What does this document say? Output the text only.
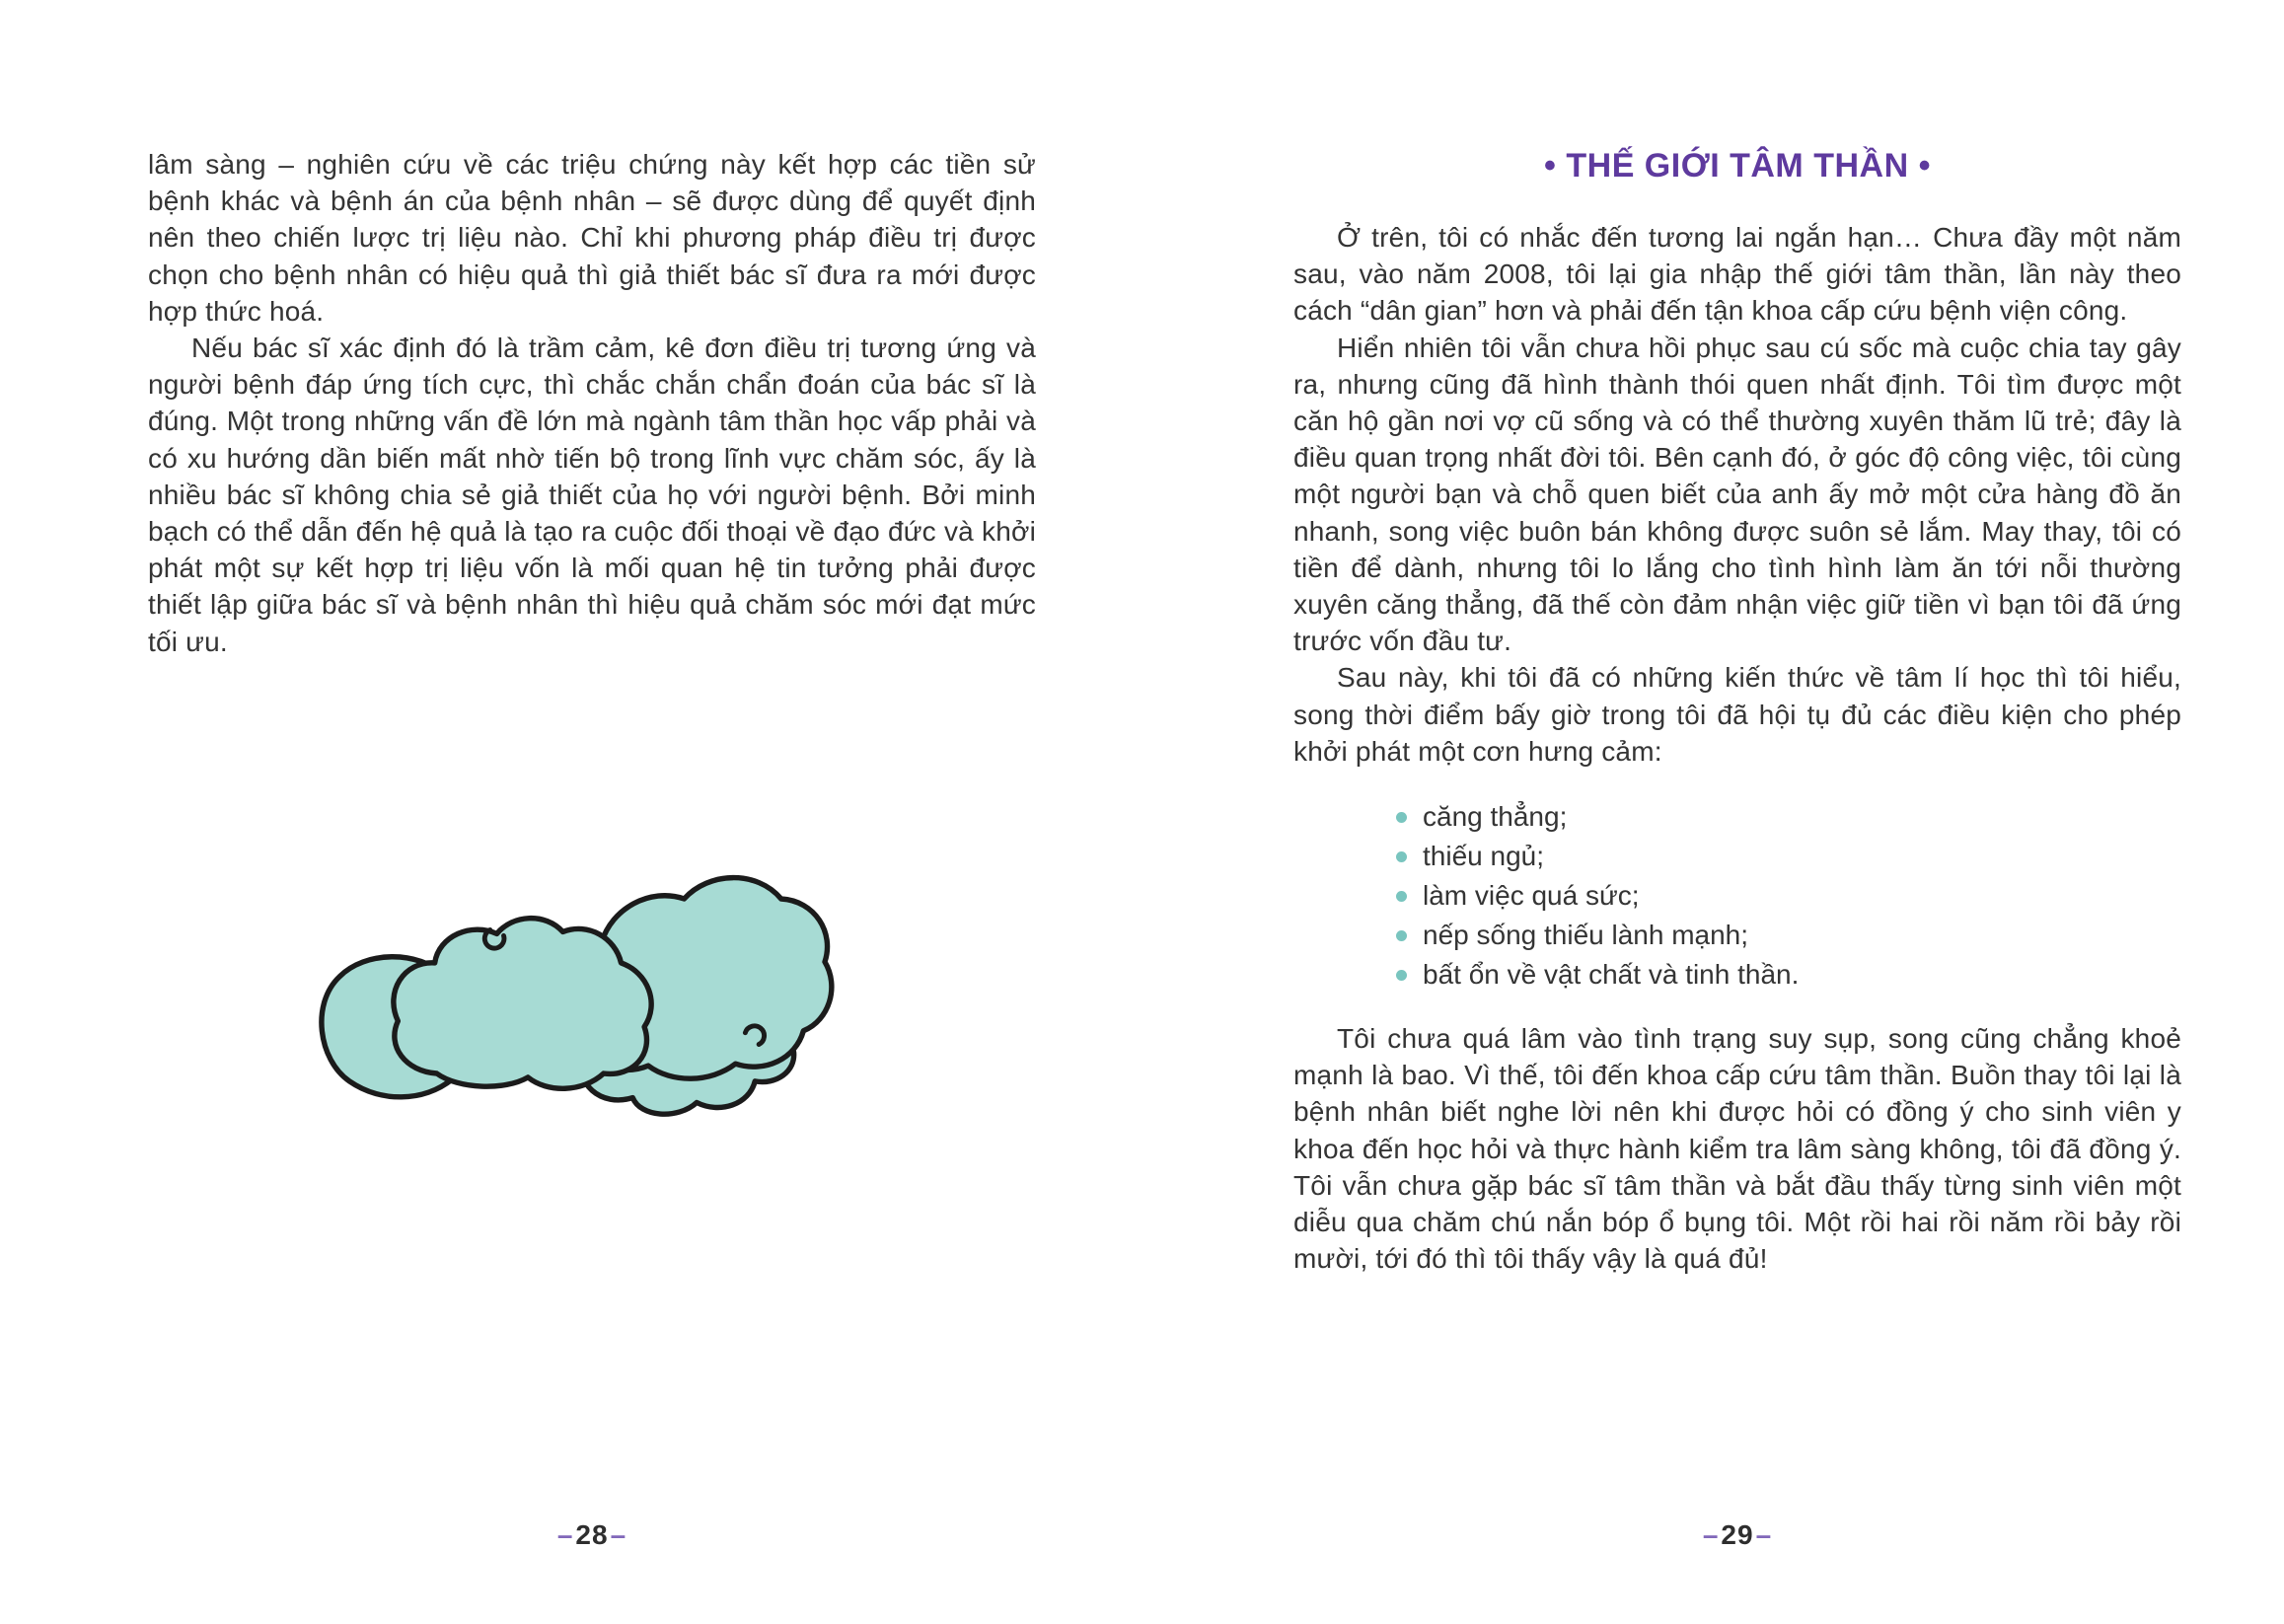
lâm sàng – nghiên cứu về các triệu chứng này kết hợp các tiền sử bệnh khác và bệnh án của bệnh nhân – sẽ được dùng để quyết định nên theo chiến lược trị liệu nào. Chỉ khi phương pháp điều trị được chọn cho bệnh nhân có hiệu quả thì giả thiết bác sĩ đưa ra mới được hợp thức hoá.

Nếu bác sĩ xác định đó là trầm cảm, kê đơn điều trị tương ứng và người bệnh đáp ứng tích cực, thì chắc chắn chẩn đoán của bác sĩ là đúng. Một trong những vấn đề lớn mà ngành tâm thần học vấp phải và có xu hướng dần biến mất nhờ tiến bộ trong lĩnh vực chăm sóc, ấy là nhiều bác sĩ không chia sẻ giả thiết của họ với người bệnh. Bởi minh bạch có thể dẫn đến hệ quả là tạo ra cuộc đối thoại về đạo đức và khởi phát một sự kết hợp trị liệu vốn là mối quan hệ tin tưởng phải được thiết lập giữa bác sĩ và bệnh nhân thì hiệu quả chăm sóc mới đạt mức tối ưu.

–28–
• THẾ GIỚI TÂM THẦN •

Ở trên, tôi có nhắc đến tương lai ngắn hạn… Chưa đầy một năm sau, vào năm 2008, tôi lại gia nhập thế giới tâm thần, lần này theo cách “dân gian” hơn và phải đến tận khoa cấp cứu bệnh viện công.

Hiển nhiên tôi vẫn chưa hồi phục sau cú sốc mà cuộc chia tay gây ra, nhưng cũng đã hình thành thói quen nhất định. Tôi tìm được một căn hộ gần nơi vợ cũ sống và có thể thường xuyên thăm lũ trẻ; đây là điều quan trọng nhất đời tôi. Bên cạnh đó, ở góc độ công việc, tôi cùng một người bạn và chỗ quen biết của anh ấy mở một cửa hàng đồ ăn nhanh, song việc buôn bán không được suôn sẻ lắm. May thay, tôi có tiền để dành, nhưng tôi lo lắng cho tình hình làm ăn tới nỗi thường xuyên căng thẳng, đã thế còn đảm nhận việc giữ tiền vì bạn tôi đã ứng trước vốn đầu tư.

Sau này, khi tôi đã có những kiến thức về tâm lí học thì tôi hiểu, song thời điểm bấy giờ trong tôi đã hội tụ đủ các điều kiện cho phép khởi phát một cơn hưng cảm:

căng thẳng;
thiếu ngủ;
làm việc quá sức;
nếp sống thiếu lành mạnh;
bất ổn về vật chất và tinh thần.

Tôi chưa quá lâm vào tình trạng suy sụp, song cũng chẳng khoẻ mạnh là bao. Vì thế, tôi đến khoa cấp cứu tâm thần. Buồn thay tôi lại là bệnh nhân biết nghe lời nên khi được hỏi có đồng ý cho sinh viên y khoa đến học hỏi và thực hành kiểm tra lâm sàng không, tôi đã đồng ý. Tôi vẫn chưa gặp bác sĩ tâm thần và bắt đầu thấy từng sinh viên một diễu qua chăm chú nắn bóp ổ bụng tôi. Một rồi hai rồi năm rồi bảy rồi mười, tới đó thì tôi thấy vậy là quá đủ!

–29–
